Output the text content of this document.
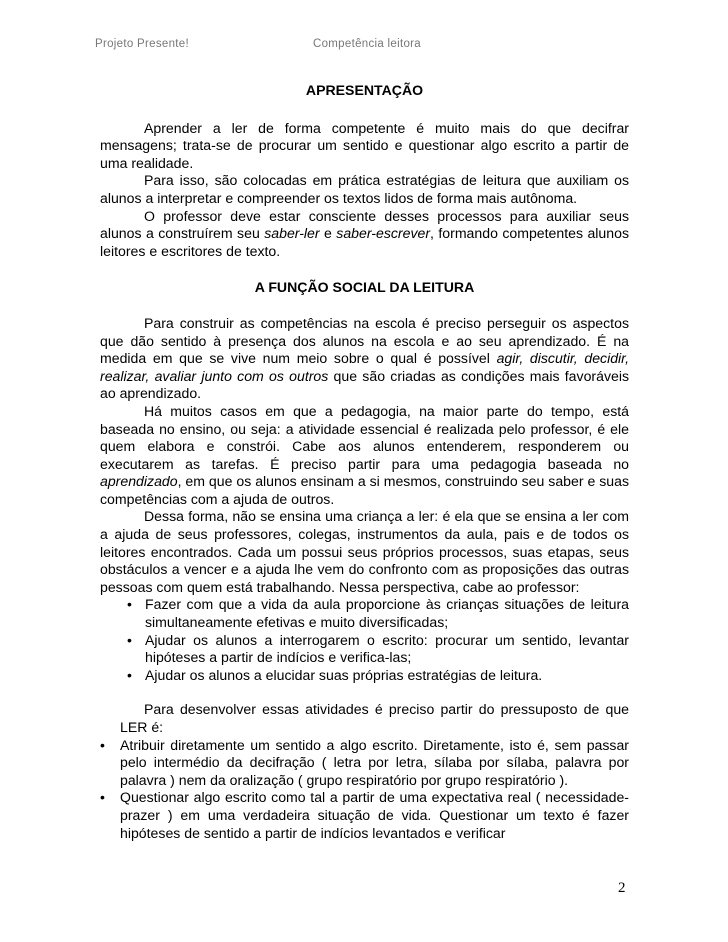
Projeto Presente!	Competência leitora

APRESENTAÇÃO

Aprender a ler de forma competente é muito mais do que decifrar mensagens; trata-se de procurar um sentido e questionar algo escrito a partir de uma realidade.

Para isso, são colocadas em prática estratégias de leitura que auxiliam os alunos a interpretar e compreender os textos lidos de forma mais autônoma.

O professor deve estar consciente desses processos para auxiliar seus alunos a construírem seu saber-ler e saber-escrever, formando competentes alunos leitores e escritores de texto.

A FUNÇÃO SOCIAL DA LEITURA

Para construir as competências na escola é preciso perseguir os aspectos que dão sentido à presença dos alunos na escola e ao seu aprendizado. É na medida em que se vive num meio sobre o qual é possível agir, discutir, decidir, realizar, avaliar junto com os outros que são criadas as condições mais favoráveis ao aprendizado.

Há muitos casos em que a pedagogia, na maior parte do tempo, está baseada no ensino, ou seja: a atividade essencial é realizada pelo professor, é ele quem elabora e constrói. Cabe aos alunos entenderem, responderem ou executarem as tarefas. É preciso partir para uma pedagogia baseada no aprendizado, em que os alunos ensinam a si mesmos, construindo seu saber e suas competências com a ajuda de outros.

Dessa forma, não se ensina uma criança a ler: é ela que se ensina a ler com a ajuda de seus professores, colegas, instrumentos da aula, pais e de todos os leitores encontrados. Cada um possui seus próprios processos, suas etapas, seus obstáculos a vencer e a ajuda lhe vem do confronto com as proposições das outras pessoas com quem está trabalhando. Nessa perspectiva, cabe ao professor:

• Fazer com que a vida da aula proporcione às crianças situações de leitura simultaneamente efetivas e muito diversificadas;
• Ajudar os alunos a interrogarem o escrito: procurar um sentido, levantar hipóteses a partir de indícios e verifica-las;
• Ajudar os alunos a elucidar suas próprias estratégias de leitura.

Para desenvolver essas atividades é preciso partir do pressuposto de que LER é:

• Atribuir diretamente um sentido a algo escrito. Diretamente, isto é, sem passar pelo intermédio da decifração ( letra por letra, sílaba por sílaba, palavra por palavra ) nem da oralização ( grupo respiratório por grupo respiratório ).
• Questionar algo escrito como tal a partir de uma expectativa real ( necessidade-prazer ) em uma verdadeira situação de vida. Questionar um texto é fazer hipóteses de sentido a partir de indícios levantados e verificar
2
